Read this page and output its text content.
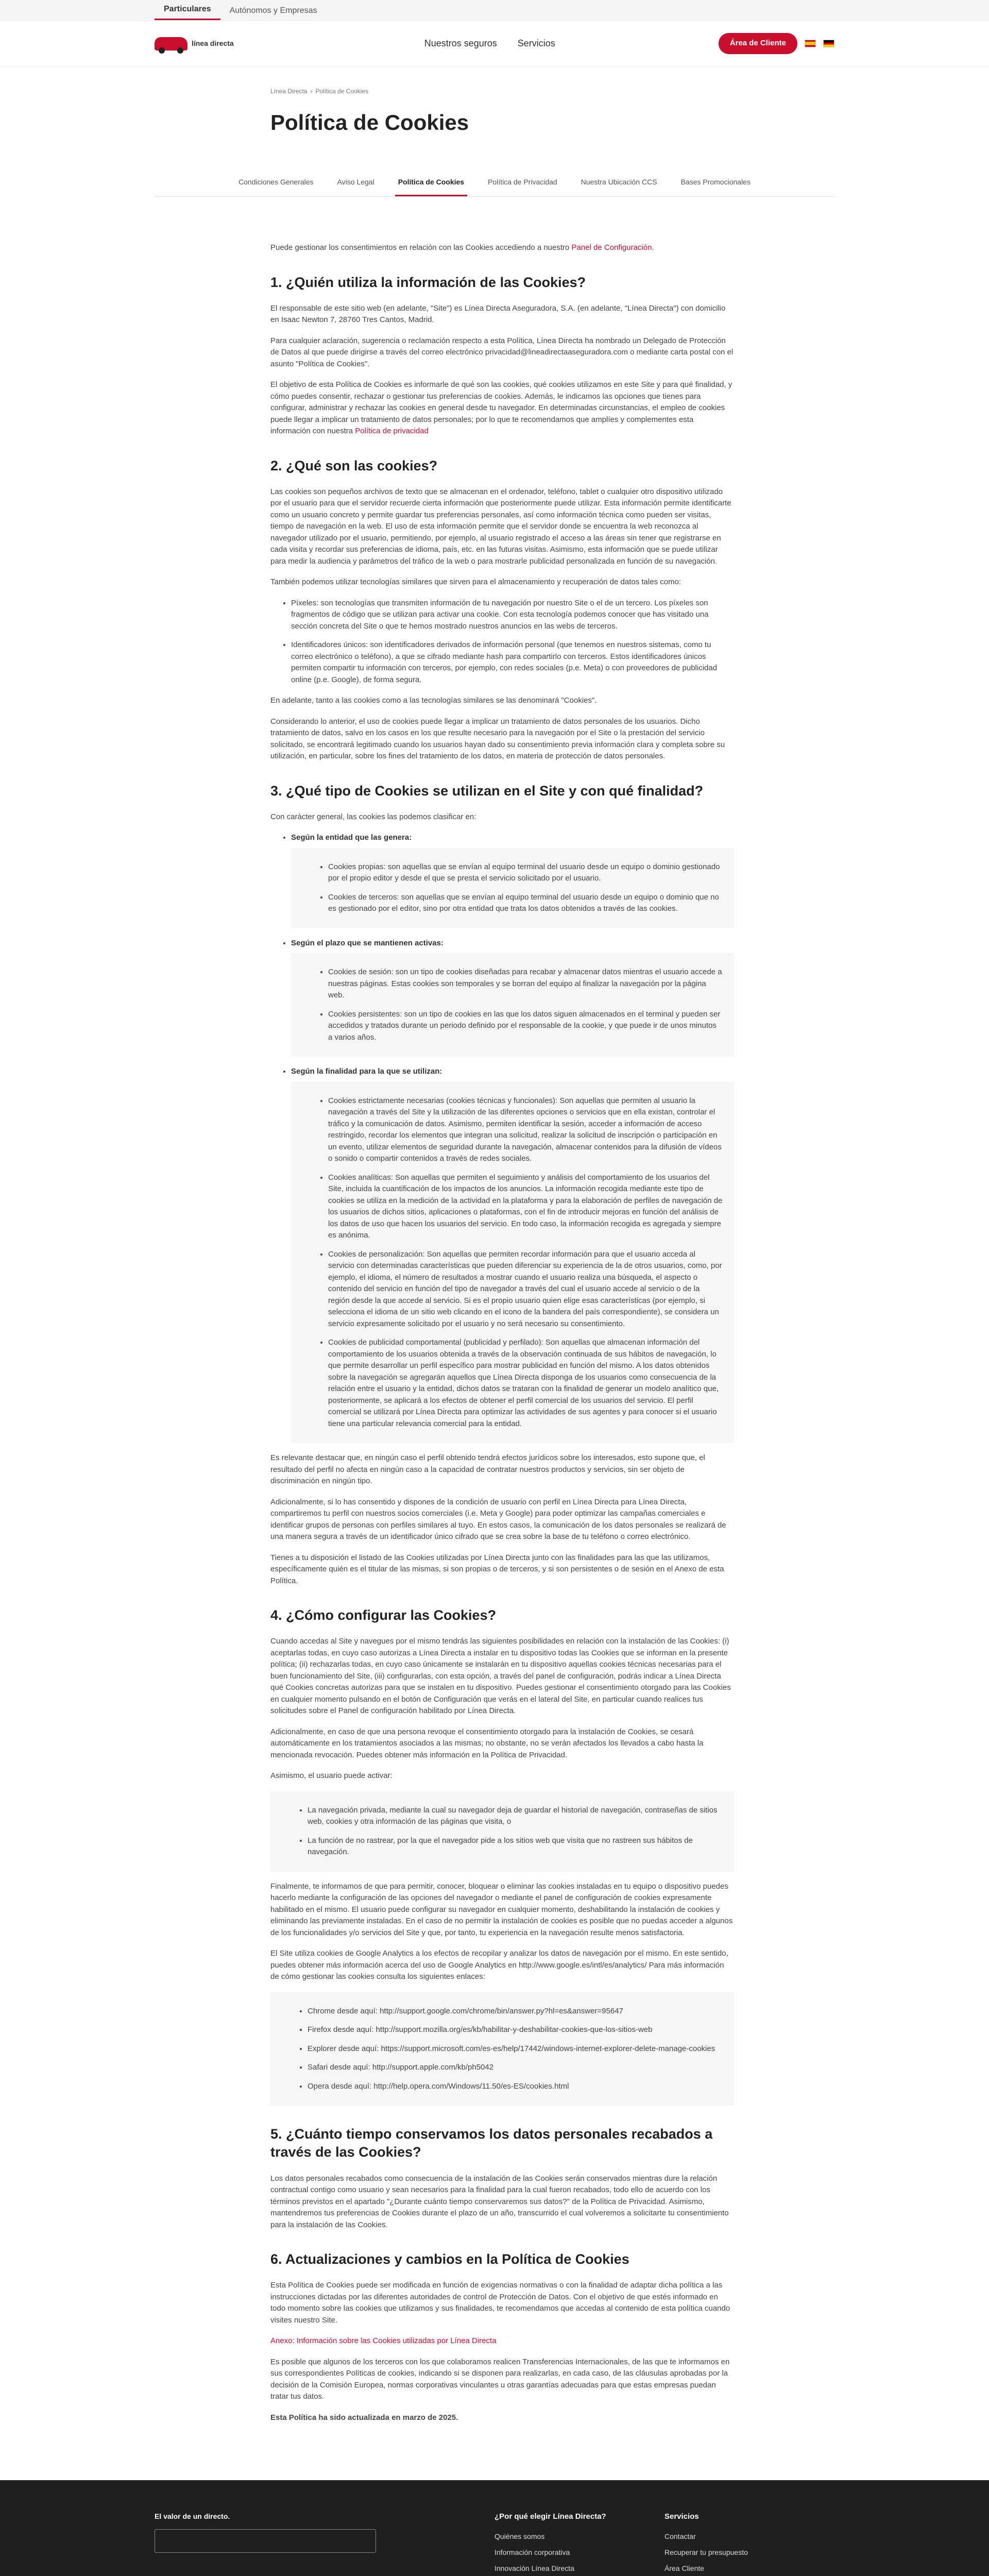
Particulares	Autónomos y Empresas
línea directa	Nuestros seguros Servicios	Área de Cliente
Línea Directa › Política de Cookies
Política de Cookies
Condiciones Generales	Aviso Legal	Política de Cookies	Política de Privacidad	Nuestra Ubicación CCS	Bases Promocionales

Puede gestionar los consentimientos en relación con las Cookies accediendo a nuestro Panel de Configuración.

1. ¿Quién utiliza la información de las Cookies?

El responsable de este sitio web (en adelante, "Site") es Línea Directa Aseguradora, S.A. (en adelante, "Línea Directa") con domicilio en Isaac Newton 7, 28760 Tres Cantos, Madrid.

Para cualquier aclaración, sugerencia o reclamación respecto a esta Política, Línea Directa ha nombrado un Delegado de Protección de Datos al que puede dirigirse a través del correo electrónico privacidad@lineadirectaaseguradora.com o mediante carta postal con el asunto "Política de Cookies".

El objetivo de esta Política de Cookies es informarle de qué son las cookies, qué cookies utilizamos en este Site y para qué finalidad, y cómo puedes consentir, rechazar o gestionar tus preferencias de cookies. Además, le indicamos las opciones que tienes para configurar, administrar y rechazar las cookies en general desde tu navegador. En determinadas circunstancias, el empleo de cookies puede llegar a implicar un tratamiento de datos personales; por lo que te recomendamos que amplíes y complementes esta información con nuestra Política de privacidad

2. ¿Qué son las cookies?

Las cookies son pequeños archivos de texto que se almacenan en el ordenador, teléfono, tablet o cualquier otro dispositivo utilizado por el usuario para que el servidor recuerde cierta información que posteriormente puede utilizar. Esta información permite identificarte como un usuario concreto y permite guardar tus preferencias personales, así como información técnica como pueden ser visitas, tiempo de navegación en la web. El uso de esta información permite que el servidor donde se encuentra la web reconozca al navegador utilizado por el usuario, permitiendo, por ejemplo, al usuario registrado el acceso a las áreas sin tener que registrarse en cada visita y recordar sus preferencias de idioma, país, etc. en las futuras visitas. Asimismo, esta información que se puede utilizar para medir la audiencia y parámetros del tráfico de la web o para mostrarle publicidad personalizada en función de su navegación.

También podemos utilizar tecnologías similares que sirven para el almacenamiento y recuperación de datos tales como:

• Píxeles: son tecnologías que transmiten información de tu navegación por nuestro Site o el de un tercero. Los píxeles son fragmentos de código que se utilizan para activar una cookie. Con esta tecnología podemos conocer que has visitado una sección concreta del Site o que te hemos mostrado nuestros anuncios en las webs de terceros.
• Identificadores únicos: son identificadores derivados de información personal (que tenemos en nuestros sistemas, como tu correo electrónico o teléfono), a que se cifrado mediante hash para compartirlo con terceros. Estos identificadores únicos permiten compartir tu información con terceros, por ejemplo, con redes sociales (p.e. Meta) o con proveedores de publicidad online (p.e. Google), de forma segura.

En adelante, tanto a las cookies como a las tecnologías similares se las denominará "Cookies".

Considerando lo anterior, el uso de cookies puede llegar a implicar un tratamiento de datos personales de los usuarios. Dicho tratamiento de datos, salvo en los casos en los que resulte necesario para la navegación por el Site o la prestación del servicio solicitado, se encontrará legitimado cuando los usuarios hayan dado su consentimiento previa información clara y completa sobre su utilización, en particular, sobre los fines del tratamiento de los datos, en materia de protección de datos personales.

3. ¿Qué tipo de Cookies se utilizan en el Site y con qué finalidad?

Con carácter general, las cookies las podemos clasificar en:

• Según la entidad que las genera:
• Cookies propias: son aquellas que se envían al equipo terminal del usuario desde un equipo o dominio gestionado por el propio editor y desde el que se presta el servicio solicitado por el usuario.
• Cookies de terceros: son aquellas que se envían al equipo terminal del usuario desde un equipo o dominio que no es gestionado por el editor, sino por otra entidad que trata los datos obtenidos a través de las cookies.
• Según el plazo que se mantienen activas:
• Cookies de sesión: son un tipo de cookies diseñadas para recabar y almacenar datos mientras el usuario accede a nuestras páginas. Estas cookies son temporales y se borran del equipo al finalizar la navegación por la página web.
• Cookies persistentes: son un tipo de cookies en las que los datos siguen almacenados en el terminal y pueden ser accedidos y tratados durante un periodo definido por el responsable de la cookie, y que puede ir de unos minutos a varios años.
• Según la finalidad para la que se utilizan:
• Cookies estrictamente necesarias (cookies técnicas y funcionales): Son aquellas que permiten al usuario la navegación a través del Site y la utilización de las diferentes opciones o servicios que en ella existan, controlar el tráfico y la comunicación de datos. Asimismo, permiten identificar la sesión, acceder a información de acceso restringido, recordar los elementos que integran una solicitud, realizar la solicitud de inscripción o participación en un evento, utilizar elementos de seguridad durante la navegación, almacenar contenidos para la difusión de vídeos o sonido o compartir contenidos a través de redes sociales.
• Cookies analíticas: Son aquellas que permiten el seguimiento y análisis del comportamiento de los usuarios del Site, incluida la cuantificación de los impactos de los anuncios. La información recogida mediante este tipo de cookies se utiliza en la medición de la actividad en la plataforma y para la elaboración de perfiles de navegación de los usuarios de dichos sitios, aplicaciones o plataformas, con el fin de introducir mejoras en función del análisis de los datos de uso que hacen los usuarios del servicio. En todo caso, la información recogida es agregada y siempre es anónima.
• Cookies de personalización: Son aquellas que permiten recordar información para que el usuario acceda al servicio con determinadas características que pueden diferenciar su experiencia de la de otros usuarios, como, por ejemplo, el idioma, el número de resultados a mostrar cuando el usuario realiza una búsqueda, el aspecto o contenido del servicio en función del tipo de navegador a través del cual el usuario accede al servicio o de la región desde la que accede al servicio. Si es el propio usuario quien elige esas características (por ejemplo, si selecciona el idioma de un sitio web clicando en el icono de la bandera del país correspondiente), se considera un servicio expresamente solicitado por el usuario y no será necesario su consentimiento.
• Cookies de publicidad comportamental (publicidad y perfilado): Son aquellas que almacenan información del comportamiento de los usuarios obtenida a través de la observación continuada de sus hábitos de navegación, lo que permite desarrollar un perfil específico para mostrar publicidad en función del mismo. A los datos obtenidos sobre la navegación se agregarán aquellos que Línea Directa disponga de los usuarios como consecuencia de la relación entre el usuario y la entidad, dichos datos se trataran con la finalidad de generar un modelo analítico que, posteriormente, se aplicará a los efectos de obtener el perfil comercial de los usuarios del servicio. El perfil comercial se utilizará por Línea Directa para optimizar las actividades de sus agentes y para conocer si el usuario tiene una particular relevancia comercial para la entidad.

Es relevante destacar que, en ningún caso el perfil obtenido tendrá efectos jurídicos sobre los interesados, esto supone que, el resultado del perfil no afecta en ningún caso a la capacidad de contratar nuestros productos y servicios, sin ser objeto de discriminación en ningún tipo.

Adicionalmente, si lo has consentido y dispones de la condición de usuario con perfil en Línea Directa para Línea Directa, compartiremos tu perfil con nuestros socios comerciales (i.e. Meta y Google) para poder optimizar las campañas comerciales e identificar grupos de personas con perfiles similares al tuyo. En estos casos, la comunicación de los datos personales se realizará de una manera segura a través de un identificador único cifrado que se crea sobre la base de tu teléfono o correo electrónico.

Tienes a tu disposición el listado de las Cookies utilizadas por Línea Directa junto con las finalidades para las que las utilizamos, específicamente quién es el titular de las mismas, si son propias o de terceros, y si son persistentes o de sesión en el Anexo de esta Política.

4. ¿Cómo configurar las Cookies?

Cuando accedas al Site y navegues por el mismo tendrás las siguientes posibilidades en relación con la instalación de las Cookies: (i) aceptarlas todas, en cuyo caso autorizas a Línea Directa a instalar en tu dispositivo todas las Cookies que se informan en la presente política; (ii) rechazarlas todas, en cuyo caso únicamente se instalarán en tu dispositivo aquellas cookies técnicas necesarias para el buen funcionamiento del Site, (iii) configurarlas, con esta opción, a través del panel de configuración, podrás indicar a Línea Directa qué Cookies concretas autorizas para que se instalen en tu dispositivo. Puedes gestionar el consentimiento otorgado para las Cookies en cualquier momento pulsando en el botón de Configuración que verás en el lateral del Site, en particular cuando realices tus solicitudes sobre el Panel de configuración habilitado por Línea Directa.

Adicionalmente, en caso de que una persona revoque el consentimiento otorgado para la instalación de Cookies, se cesará automáticamente en los tratamientos asociados a las mismas; no obstante, no se verán afectados los llevados a cabo hasta la mencionada revocación. Puedes obtener más información en la Política de Privacidad.

Asimismo, el usuario puede activar:

• La navegación privada, mediante la cual su navegador deja de guardar el historial de navegación, contraseñas de sitios web, cookies y otra información de las páginas que visita, o
• La función de no rastrear, por la que el navegador pide a los sitios web que visita que no rastreen sus hábitos de navegación.

Finalmente, te informamos de que para permitir, conocer, bloquear o eliminar las cookies instaladas en tu equipo o dispositivo puedes hacerlo mediante la configuración de las opciones del navegador o mediante el panel de configuración de cookies expresamente habilitado en el mismo. El usuario puede configurar su navegador en cualquier momento, deshabilitando la instalación de cookies y eliminando las previamente instaladas. En el caso de no permitir la instalación de cookies es posible que no puedas acceder a algunos de los funcionalidades y/o servicios del Site y que, por tanto, tu experiencia en la navegación resulte menos satisfactoria.

El Site utiliza cookies de Google Analytics a los efectos de recopilar y analizar los datos de navegación por el mismo. En este sentido, puedes obtener más información acerca del uso de Google Analytics en http://www.google.es/intl/es/analytics/ Para más información de cómo gestionar las cookies consulta los siguientes enlaces:

• Chrome desde aquí: http://support.google.com/chrome/bin/answer.py?hl=es&answer=95647
• Firefox desde aquí: http://support.mozilla.org/es/kb/habilitar-y-deshabilitar-cookies-que-los-sitios-web
• Explorer desde aquí: https://support.microsoft.com/es-es/help/17442/windows-internet-explorer-delete-manage-cookies
• Safari desde aquí: http://support.apple.com/kb/ph5042
• Opera desde aquí: http://help.opera.com/Windows/11.50/es-ES/cookies.html
5. ¿Cuánto tiempo conservamos los datos personales recabados a través de las Cookies?

Los datos personales recabados como consecuencia de la instalación de las Cookies serán conservados mientras dure la relación contractual contigo como usuario y sean necesarios para la finalidad para la cual fueron recabados, todo ello de acuerdo con los términos previstos en el apartado "¿Durante cuánto tiempo conservaremos sus datos?" de la Política de Privacidad. Asimismo, mantendremos tus preferencias de Cookies durante el plazo de un año, transcurrido el cual volveremos a solicitarte tu consentimiento para la instalación de las Cookies.

6. Actualizaciones y cambios en la Política de Cookies

Esta Política de Cookies puede ser modificada en función de exigencias normativas o con la finalidad de adaptar dicha política a las instrucciones dictadas por las diferentes autoridades de control de Protección de Datos. Con el objetivo de que estés informado en todo momento sobre las cookies que utilizamos y sus finalidades, te recomendamos que accedas al contenido de esta política cuando visites nuestro Site.

Anexo: Información sobre las Cookies utilizadas por Línea Directa

Es posible que algunos de los terceros con los que colaboramos realicen Transferencias Internacionales, de las que te informamos en sus correspondientes Políticas de cookies, indicando si se disponen para realizarlas, en cada caso, de las cláusulas aprobadas por la decisión de la Comisión Europea, normas corporativas vinculantes u otras garantías adecuadas para que estas empresas puedan tratar tus datos.

Esta Política ha sido actualizada en marzo de 2025.

El valor de un directo.	¿Por qué elegir Línea Directa?
Quiénes somos
Información corporativa
Innovación Línea Directa
Servicios
Contactar
Recuperar tu presupuesto
Área Cliente
